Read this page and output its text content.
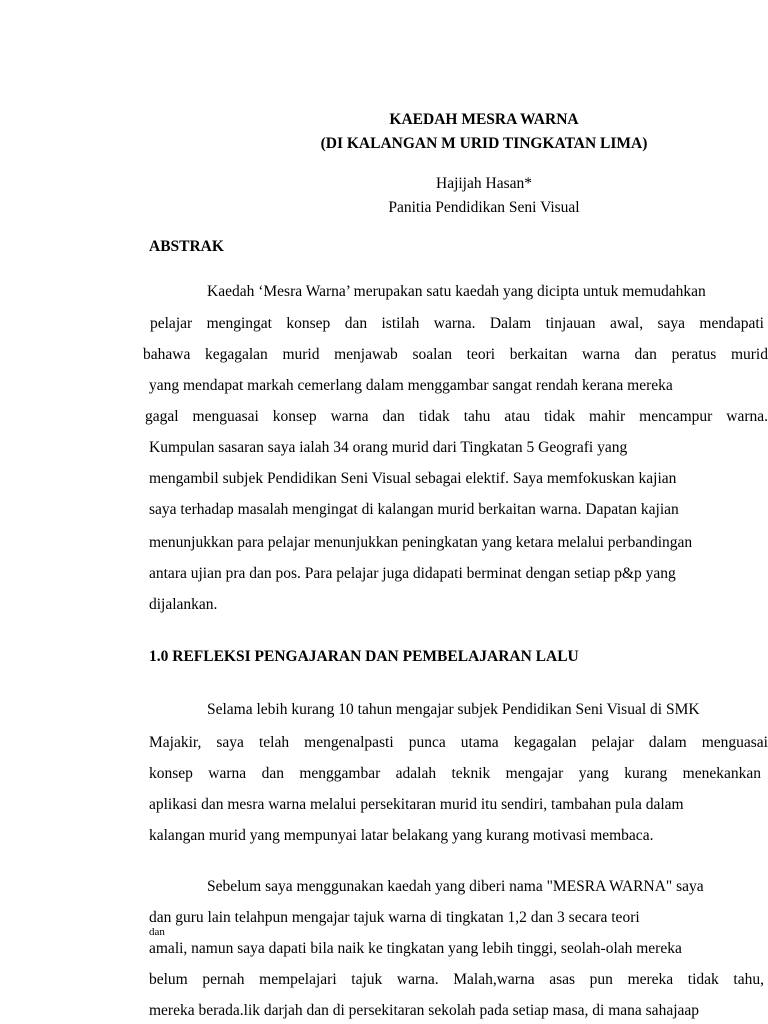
KAEDAH MESRA WARNA
(DI KALANGAN M URID TINGKATAN LIMA)
Hajijah Hasan*
Panitia Pendidikan Seni Visual
ABSTRAK
Kaedah ‘Mesra Warna’ merupakan satu kaedah yang dicipta untuk memudahkan
pelajar mengingat konsep dan istilah warna. Dalam tinjauan awal, saya mendapati
bahawa kegagalan murid menjawab soalan teori berkaitan warna dan peratus murid
yang mendapat markah cemerlang dalam menggambar sangat rendah kerana mereka
gagal menguasai konsep warna dan tidak tahu atau tidak mahir mencampur warna.
Kumpulan sasaran saya ialah 34 orang murid dari Tingkatan 5 Geografi yang
mengambil subjek Pendidikan Seni Visual sebagai elektif. Saya memfokuskan kajian
saya terhadap masalah mengingat di kalangan murid berkaitan warna. Dapatan kajian
menunjukkan para pelajar menunjukkan peningkatan yang ketara melalui perbandingan
antara ujian pra dan pos. Para pelajar juga didapati berminat dengan setiap p&p yang
dijalankan.
1.0 REFLEKSI PENGAJARAN DAN PEMBELAJARAN LALU
Selama lebih kurang 10 tahun mengajar subjek Pendidikan Seni Visual di SMK
Majakir, saya telah mengenalpasti punca utama kegagalan pelajar dalam menguasai
konsep warna dan menggambar adalah teknik mengajar yang kurang menekankan
aplikasi dan mesra warna melalui persekitaran murid itu sendiri, tambahan pula dalam
kalangan murid yang mempunyai latar belakang yang kurang motivasi membaca.
Sebelum saya menggunakan kaedah yang diberi nama "MESRA WARNA" saya
dan guru lain telahpun mengajar tajuk warna di tingkatan 1,2 dan 3 secara teori
dan
amali, namun saya dapati bila naik ke tingkatan yang lebih tinggi, seolah-olah mereka
belum pernah mempelajari tajuk warna. Malah,warna asas pun mereka tidak tahu,
mereka berada.lik darjah dan di persekitaran sekolah pada setiap masa, di mana sahajaap
